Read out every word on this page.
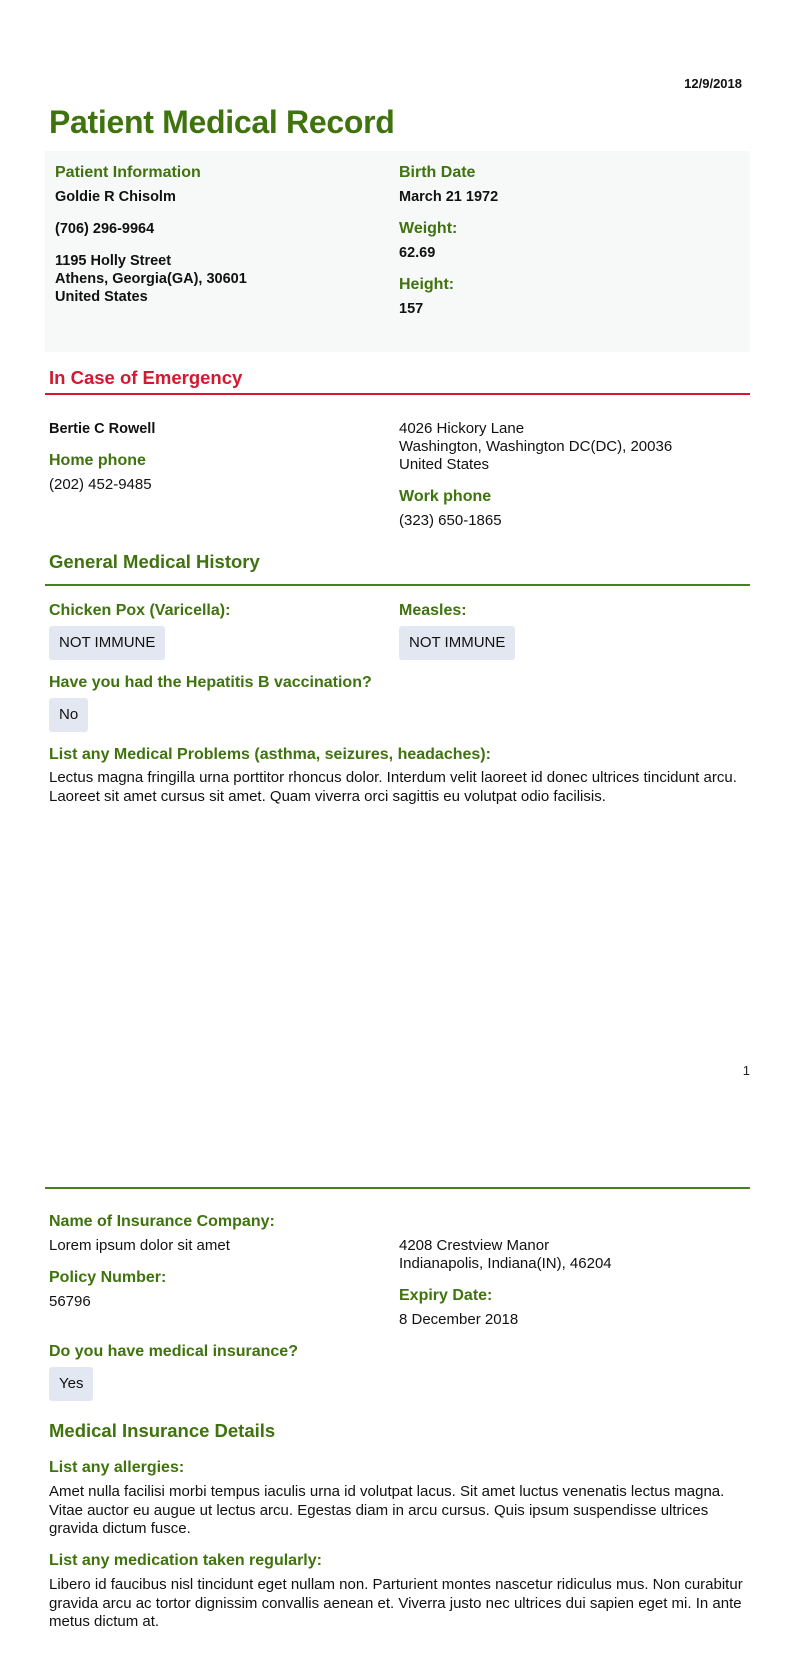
12/9/2018
Patient Medical Record
Patient Information
Goldie R Chisolm
(706) 296-9964
1195 Holly Street
Athens, Georgia(GA), 30601
United States
Birth Date
March 21 1972
Weight:
62.69
Height:
157
In Case of Emergency
Bertie C Rowell
Home phone
(202) 452-9485
4026 Hickory Lane
Washington, Washington DC(DC), 20036
United States
Work phone
(323) 650-1865
General Medical History
Chicken Pox (Varicella):
NOT IMMUNE
Measles:
NOT IMMUNE
Have you had the Hepatitis B vaccination?
No
List any Medical Problems (asthma, seizures, headaches):

Lectus magna fringilla urna porttitor rhoncus dolor. Interdum velit laoreet id donec ultrices tincidunt arcu. Laoreet sit amet cursus sit amet. Quam viverra orci sagittis eu volutpat odio facilisis.

1
Name of Insurance Company:
Lorem ipsum dolor sit amet
Policy Number:
56796
4208 Crestview Manor
Indianapolis, Indiana(IN), 46204
Expiry Date:
8 December 2018
Do you have medical insurance?
Yes
Medical Insurance Details
List any allergies:

Amet nulla facilisi morbi tempus iaculis urna id volutpat lacus. Sit amet luctus venenatis lectus magna. Vitae auctor eu augue ut lectus arcu. Egestas diam in arcu cursus. Quis ipsum suspendisse ultrices gravida dictum fusce.

List any medication taken regularly:

Libero id faucibus nisl tincidunt eget nullam non. Parturient montes nascetur ridiculus mus. Non curabitur gravida arcu ac tortor dignissim convallis aenean et. Viverra justo nec ultrices dui sapien eget mi. In ante metus dictum at.
